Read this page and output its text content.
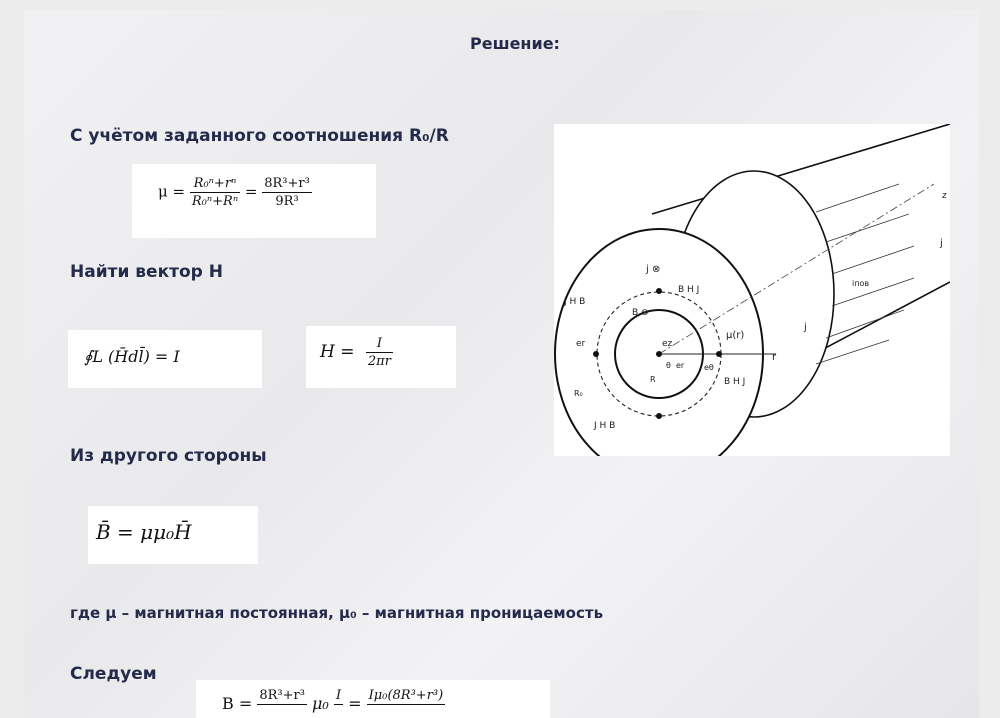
Решение:

С учётом заданного соотношения R₀/R

$\mu = \frac{\text{R₀ⁿ+rⁿ}}{\text{R₀ⁿ+Rⁿ}} = \frac{\text{8R³+r³}}{\text{9R³}}$

Найти вектор H

∮L (H̄dl̄) = I	$H = \frac{I}{2\pi r}$

Из другого стороны

B̄ = μμ₀H̄

где μ – магнитная постоянная, μ₀ – магнитная проницаемость

Следуем

B = 8R³+r³
μ₀ I
= Iμ₀(8R³+r³)

j ⊗
B H J
B ⊗
er	ez
θ er
μ(r)
r
R₀
R
eθ
J H B
B H J
z
j
j
iпов
J H B
